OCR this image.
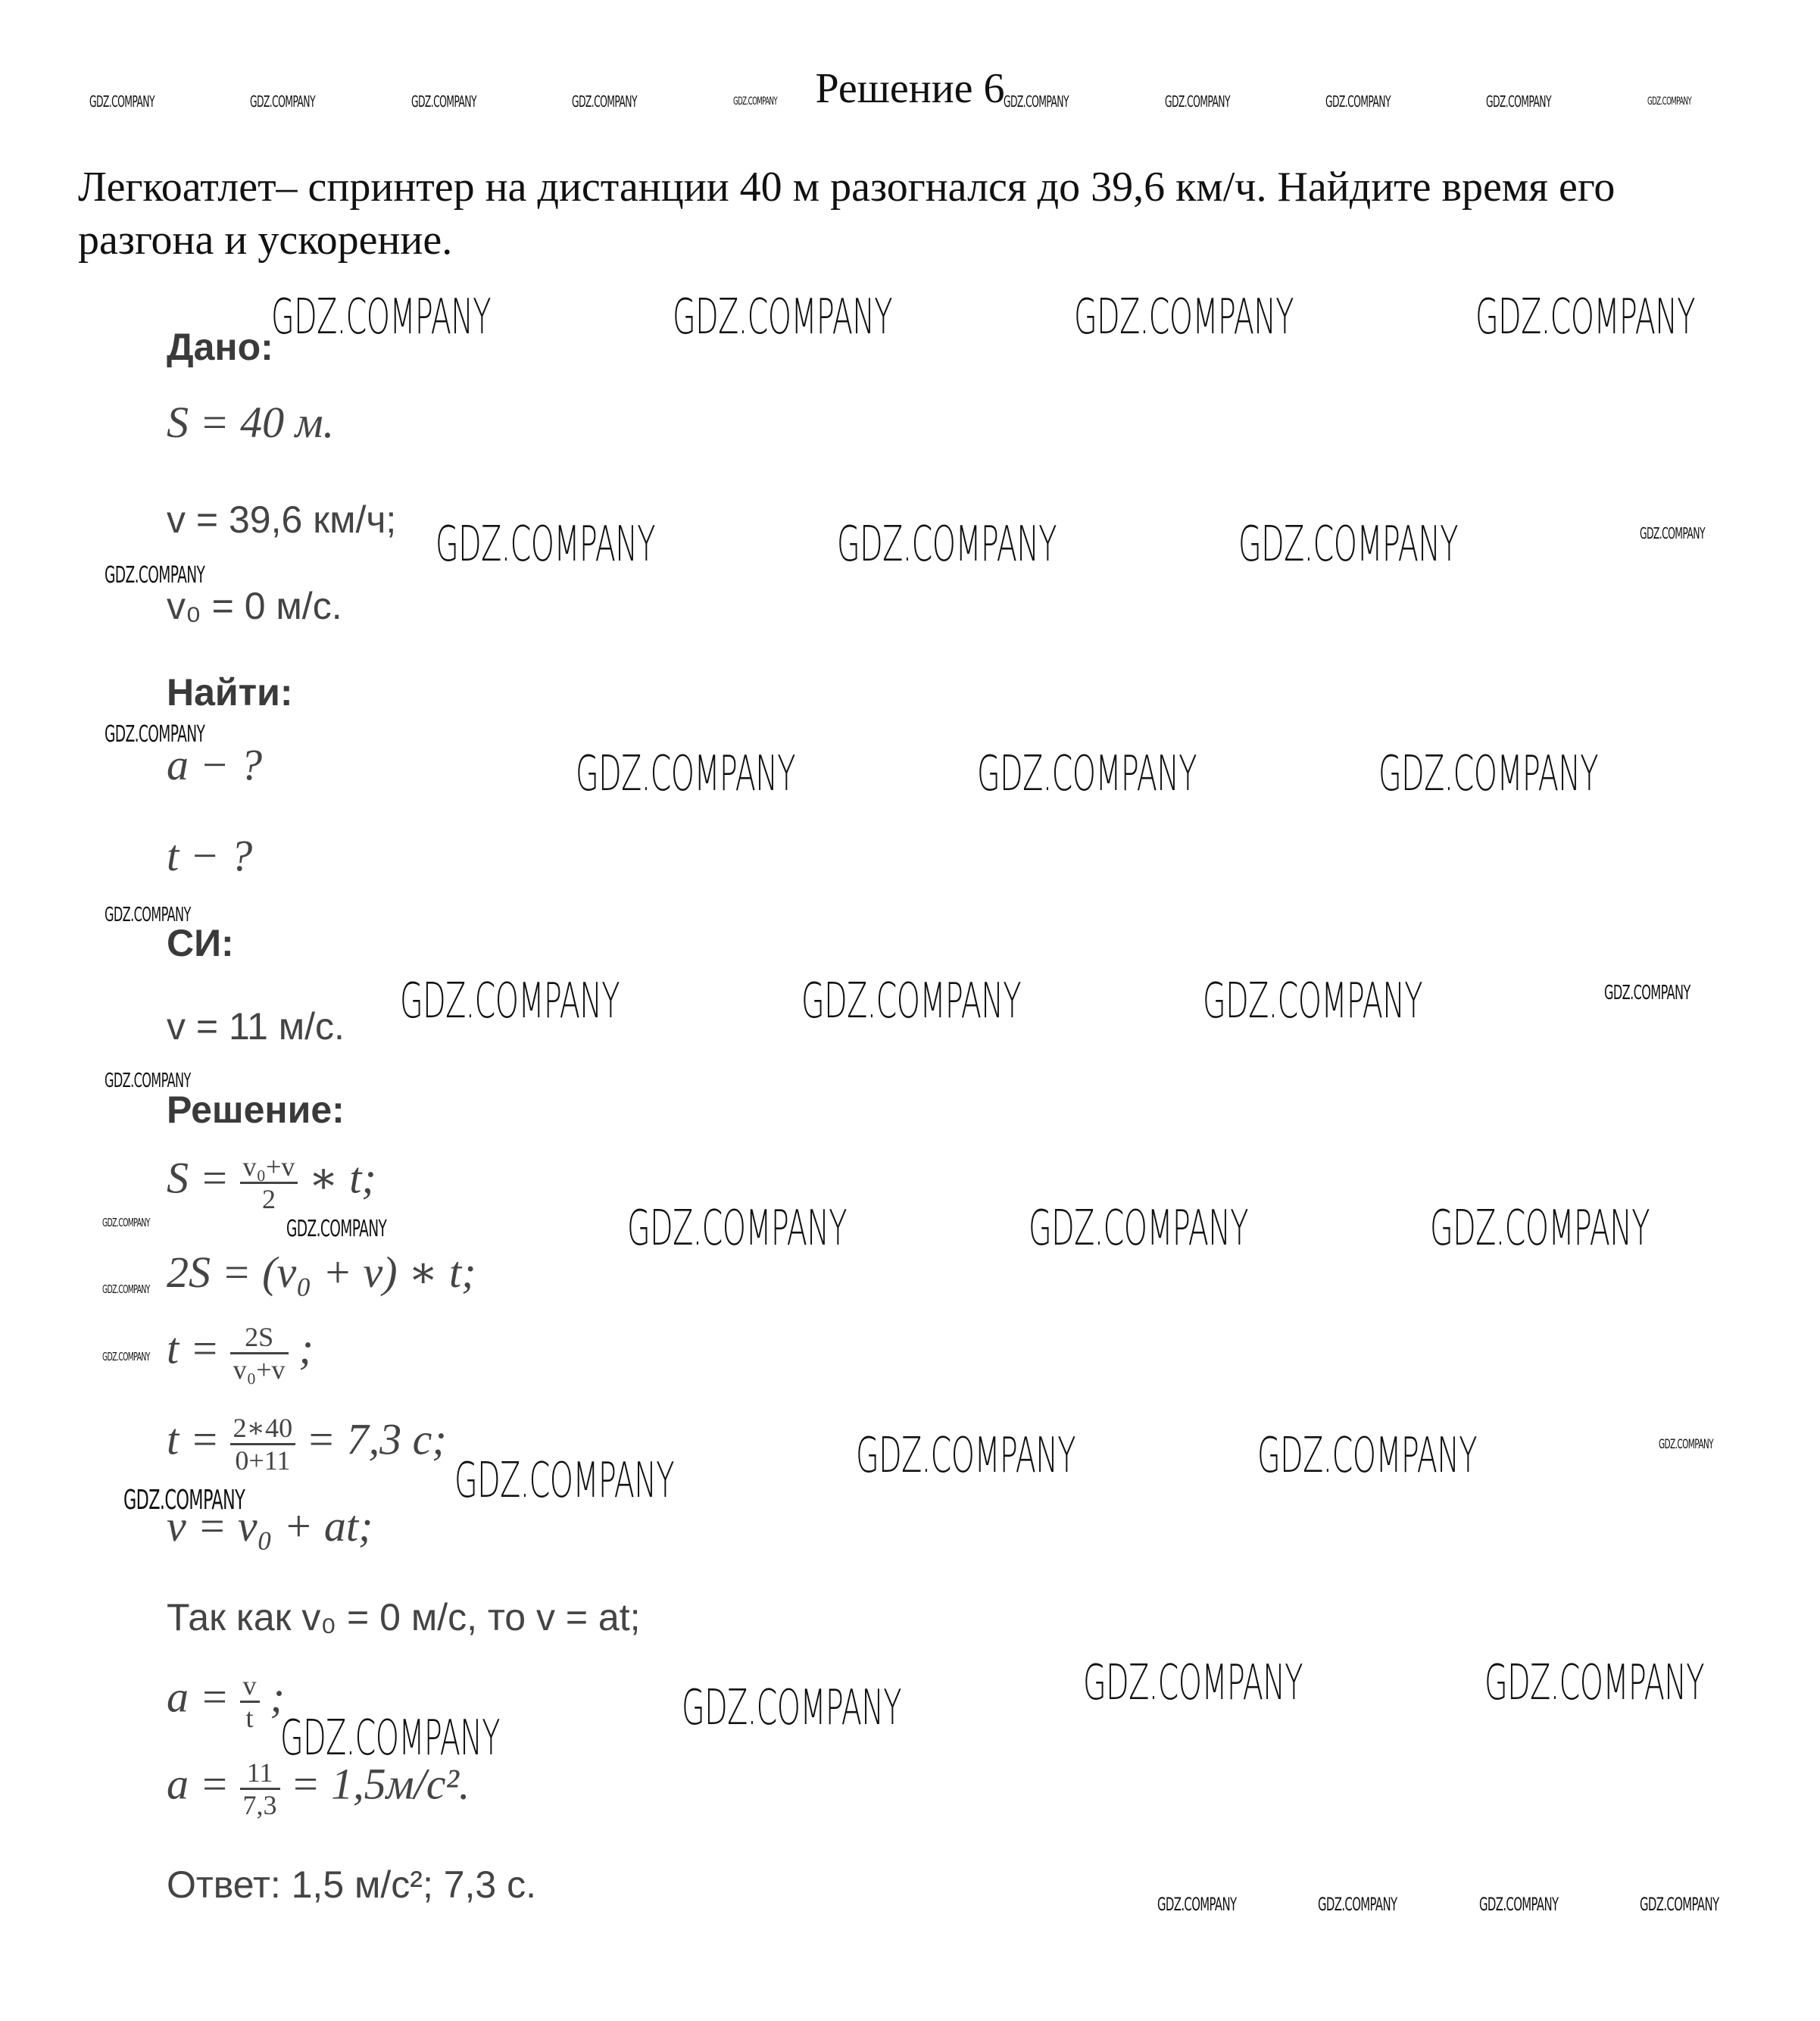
Решение 6
Легкоатлет– спринтер на дистанции 40 м разогнался до 39,6 км/ч. Найдите время его разгона и ускорение.
Дано:
S = 40 м.
v = 39,6 км/ч;
v₀ = 0 м/с.
Найти:
a − ?
t − ?
СИ:
v = 11 м/с.
Решение:
$S = \frac{\text{v₀+v}}{2}$ ∗ t;
2S = (v₀ + v) ∗ t;
$t = \frac{2S}{\text{v₀+v}}$ ;
$t = \frac{2∗40}{0+11} = 7,3$ с;
v = v₀ + at;
Так как v₀ = 0 м/с, то v = at;
$a = \frac{v}{t}$ ;
$a = \frac{11}{7,3} = 1,5м/с^2$.
Ответ: 1,5 м/с²; 7,3 с.
GDZ.COMPANY	GDZ.COMPANY	GDZ.COMPANY	GDZ.COMPANY	GDZ.COMPANY	GDZ.COMPANY	GDZ.COMPANY	GDZ.COMPANY	GDZ.COMPANY	GDZ.COMPANY
GDZ.COMPANY	GDZ.COMPANY	GDZ.COMPANY	GDZ.COMPANY
GDZ.COMPANY	GDZ.COMPANY	GDZ.COMPANY	GDZ.COMPANY
GDZ.COMPANY
GDZ.COMPANY
GDZ.COMPANY	GDZ.COMPANY	GDZ.COMPANY
GDZ.COMPANY
GDZ.COMPANY	GDZ.COMPANY	GDZ.COMPANY	GDZ.COMPANY
GDZ.COMPANY
GDZ.COMPANY	GDZ.COMPANY	GDZ.COMPANY	GDZ.COMPANY	GDZ.COMPANY
GDZ.COMPANY
GDZ.COMPANY
GDZ.COMPANY	GDZ.COMPANY	GDZ.COMPANY
GDZ.COMPANY
GDZ.COMPANY
GDZ.COMPANY	GDZ.COMPANY
GDZ.COMPANY
GDZ.COMPANY
GDZ.COMPANY	GDZ.COMPANY	GDZ.COMPANY	GDZ.COMPANY
